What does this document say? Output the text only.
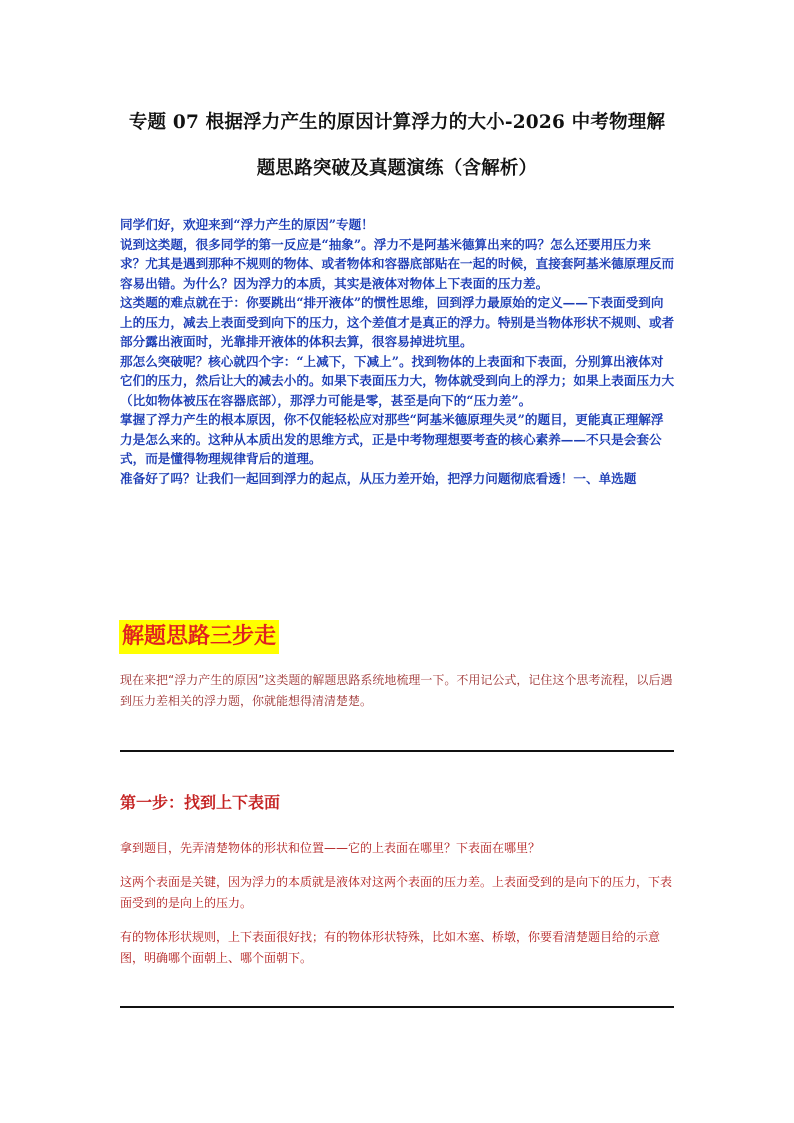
专题 07 根据浮力产生的原因计算浮力的大小-2026 中考物理解
题思路突破及真题演练（含解析）

同学们好，欢迎来到“浮力产生的原因”专题！

说到这类题，很多同学的第一反应是“抽象”。浮力不是阿基米德算出来的吗？怎么还要用压力来求？尤其是遇到那种不规则的物体、或者物体和容器底部贴在一起的时候，直接套阿基米德原理反而容易出错。为什么？因为浮力的本质，其实是液体对物体上下表面的压力差。

这类题的难点就在于：你要跳出“排开液体”的惯性思维，回到浮力最原始的定义——下表面受到向上的压力，减去上表面受到向下的压力，这个差值才是真正的浮力。特别是当物体形状不规则、或者部分露出液面时，光靠排开液体的体积去算，很容易掉进坑里。

那怎么突破呢？核心就四个字：“上减下，下减上”。找到物体的上表面和下表面，分别算出液体对它们的压力，然后让大的减去小的。如果下表面压力大，物体就受到向上的浮力；如果上表面压力大（比如物体被压在容器底部），那浮力可能是零，甚至是向下的“压力差”。

掌握了浮力产生的根本原因，你不仅能轻松应对那些“阿基米德原理失灵”的题目，更能真正理解浮力是怎么来的。这种从本质出发的思维方式，正是中考物理想要考查的核心素养——不只是会套公式，而是懂得物理规律背后的道理。

准备好了吗？让我们一起回到浮力的起点，从压力差开始，把浮力问题彻底看透！一、单选题

解题思路三步走

现在来把“浮力产生的原因”这类题的解题思路系统地梳理一下。不用记公式，记住这个思考流程，以后遇到压力差相关的浮力题，你就能想得清清楚楚。

第一步：找到上下表面

拿到题目，先弄清楚物体的形状和位置——它的上表面在哪里？下表面在哪里？

这两个表面是关键，因为浮力的本质就是液体对这两个表面的压力差。上表面受到的是向下的压力，下表面受到的是向上的压力。

有的物体形状规则，上下表面很好找；有的物体形状特殊，比如木塞、桥墩，你要看清楚题目给的示意图，明确哪个面朝上、哪个面朝下。
